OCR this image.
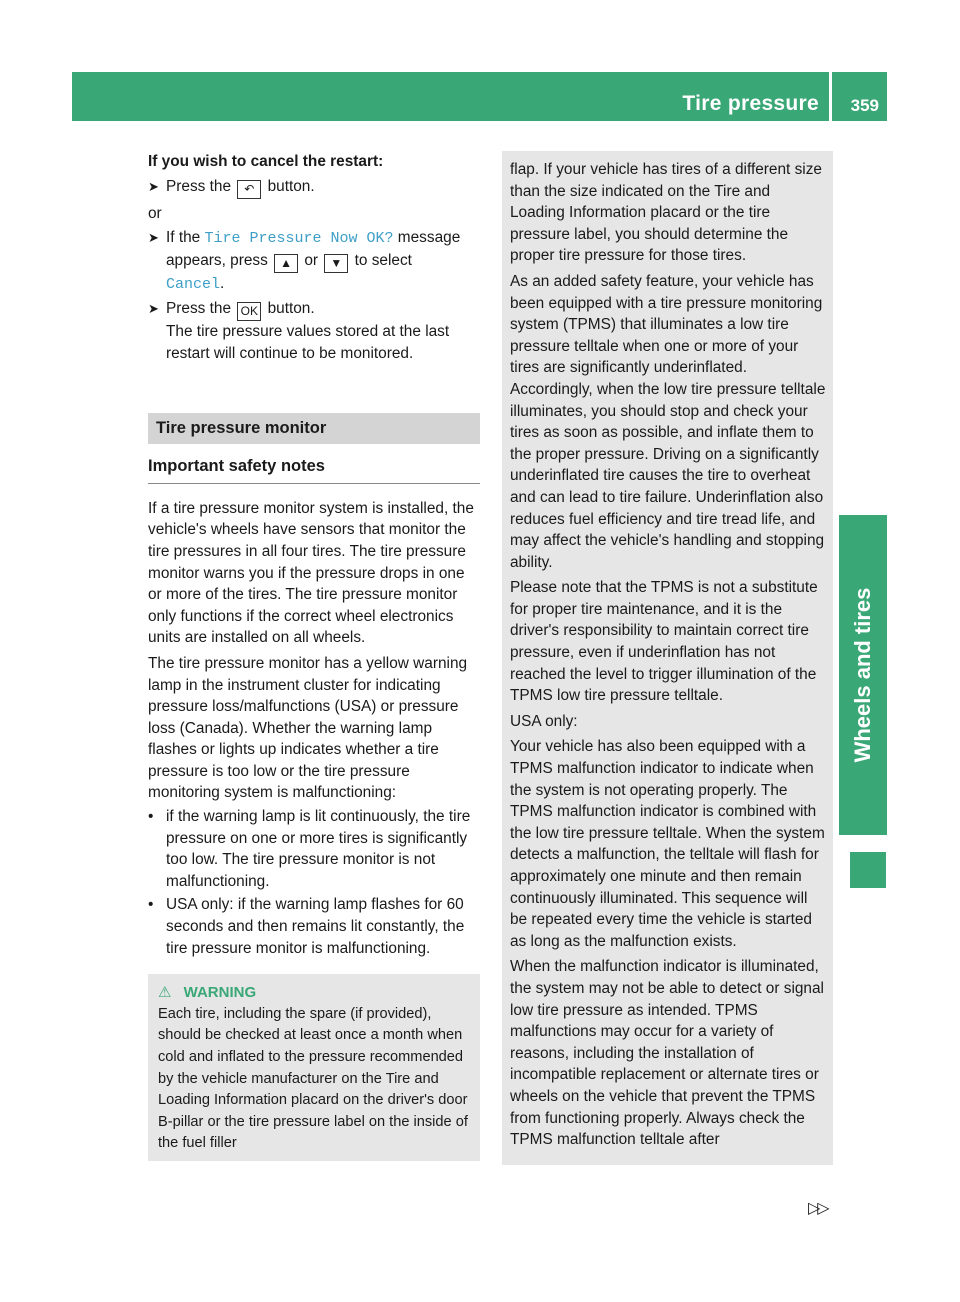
Tire pressure 359
Wheels and tires

If you wish to cancel the restart:

➤ Press the ↶ button.

or

➤ If the Tire Pressure Now OK? message appears, press ▲ or ▼ to select
Cancel.
➤ Press the OK button.

The tire pressure values stored at the last restart will continue to be monitored.

Tire pressure monitor
Important safety notes

If a tire pressure monitor system is installed, the vehicle's wheels have sensors that monitor the tire pressures in all four tires. The tire pressure monitor warns you if the pressure drops in one or more of the tires. The tire pressure monitor only functions if the correct wheel electronics units are installed on all wheels.

The tire pressure monitor has a yellow warning lamp in the instrument cluster for indicating pressure loss/malfunctions (USA) or pressure loss (Canada). Whether the warning lamp flashes or lights up indicates whether a tire pressure is too low or the tire pressure monitoring system is malfunctioning:

• if the warning lamp is lit continuously, the tire pressure on one or more tires is significantly too low. The tire pressure monitor is not malfunctioning.
• USA only: if the warning lamp flashes for 60 seconds and then remains lit constantly, the tire pressure monitor is malfunctioning.
⚠ WARNING

Each tire, including the spare (if provided), should be checked at least once a month when cold and inflated to the pressure recommended by the vehicle manufacturer on the Tire and Loading Information placard on the driver's door B-pillar or the tire pressure label on the inside of the fuel filler

flap. If your vehicle has tires of a different size than the size indicated on the Tire and Loading Information placard or the tire pressure label, you should determine the proper tire pressure for those tires.

As an added safety feature, your vehicle has been equipped with a tire pressure monitoring system (TPMS) that illuminates a low tire pressure telltale when one or more of your tires are significantly underinflated. Accordingly, when the low tire pressure telltale illuminates, you should stop and check your tires as soon as possible, and inflate them to the proper pressure. Driving on a significantly underinflated tire causes the tire to overheat and can lead to tire failure. Underinflation also reduces fuel efficiency and tire tread life, and may affect the vehicle's handling and stopping ability.

Please note that the TPMS is not a substitute for proper tire maintenance, and it is the driver's responsibility to maintain correct tire pressure, even if underinflation has not reached the level to trigger illumination of the TPMS low tire pressure telltale.

USA only:

Your vehicle has also been equipped with a TPMS malfunction indicator to indicate when the system is not operating properly. The TPMS malfunction indicator is combined with the low tire pressure telltale. When the system detects a malfunction, the telltale will flash for approximately one minute and then remain continuously illuminated. This sequence will be repeated every time the vehicle is started as long as the malfunction exists.

When the malfunction indicator is illuminated, the system may not be able to detect or signal low tire pressure as intended. TPMS malfunctions may occur for a variety of reasons, including the installation of incompatible replacement or alternate tires or wheels on the vehicle that prevent the TPMS from functioning properly. Always check the TPMS malfunction telltale after

▷▷
